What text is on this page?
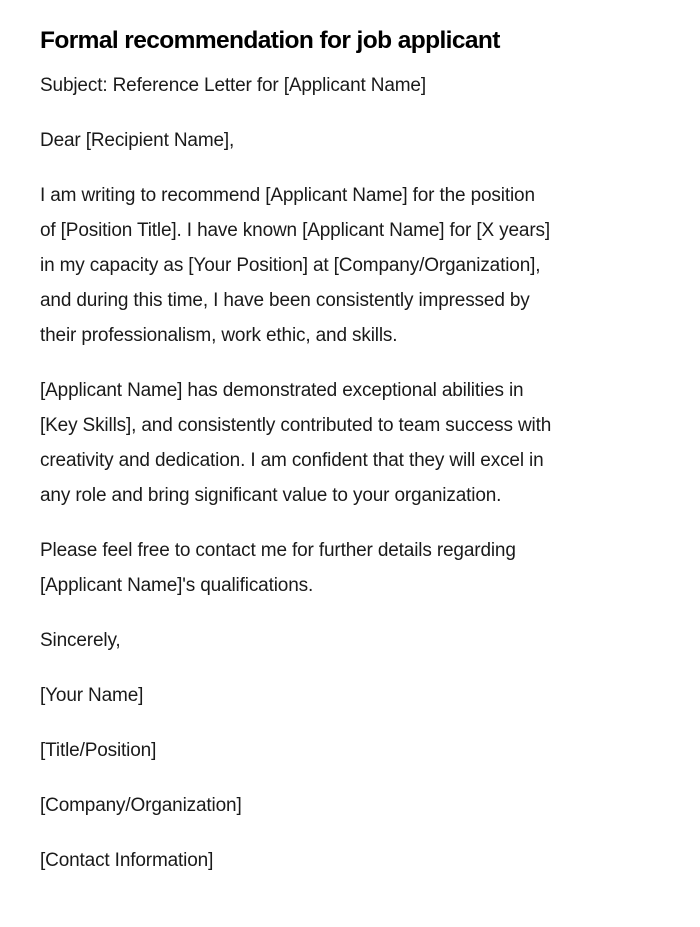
Formal recommendation for job applicant

Subject: Reference Letter for [Applicant Name]

Dear [Recipient Name],

I am writing to recommend [Applicant Name] for the position
of [Position Title]. I have known [Applicant Name] for [X years]
in my capacity as [Your Position] at [Company/Organization],
and during this time, I have been consistently impressed by
their professionalism, work ethic, and skills.

[Applicant Name] has demonstrated exceptional abilities in
[Key Skills], and consistently contributed to team success with
creativity and dedication. I am confident that they will excel in
any role and bring significant value to your organization.

Please feel free to contact me for further details regarding
[Applicant Name]'s qualifications.

Sincerely,

[Your Name]

[Title/Position]

[Company/Organization]

[Contact Information]
